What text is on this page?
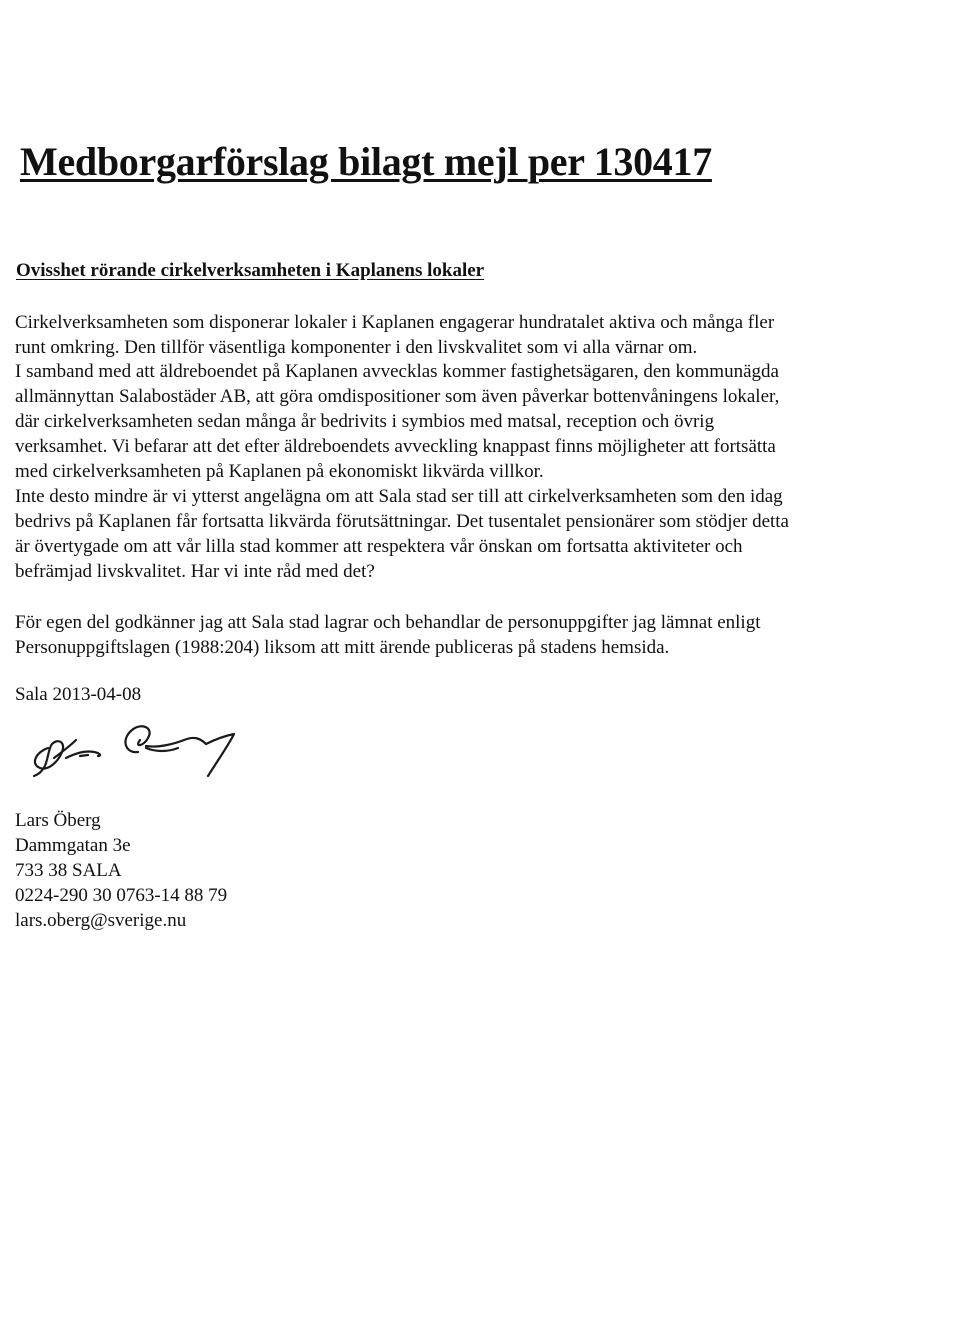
Medborgarförslag bilagt mejl per 130417
Ovisshet rörande cirkelverksamheten i Kaplanens lokaler

Cirkelverksamheten som disponerar lokaler i Kaplanen engagerar hundratalet aktiva och många fler
runt omkring. Den tillför väsentliga komponenter i den livskvalitet som vi alla värnar om.

I samband med att äldreboendet på Kaplanen avvecklas kommer fastighetsägaren, den kommunägda
allmännyttan Salabostäder AB, att göra omdispositioner som även påverkar bottenvåningens lokaler,
där cirkelverksamheten sedan många år bedrivits i symbios med matsal, reception och övrig
verksamhet. Vi befarar att det efter äldreboendets avveckling knappast finns möjligheter att fortsätta
med cirkelverksamheten på Kaplanen på ekonomiskt likvärda villkor.

Inte desto mindre är vi ytterst angelägna om att Sala stad ser till att cirkelverksamheten som den idag
bedrivs på Kaplanen får fortsatta likvärda förutsättningar. Det tusentalet pensionärer som stödjer detta
är övertygade om att vår lilla stad kommer att respektera vår önskan om fortsatta aktiviteter och
befrämjad livskvalitet. Har vi inte råd med det?

För egen del godkänner jag att Sala stad lagrar och behandlar de personuppgifter jag lämnat enligt
Personuppgiftslagen (1988:204) liksom att mitt ärende publiceras på stadens hemsida.

Sala 2013-04-08

Lars Öberg
Dammgatan 3e
733 38 SALA
0224-290 30 0763-14 88 79
lars.oberg@sverige.nu
